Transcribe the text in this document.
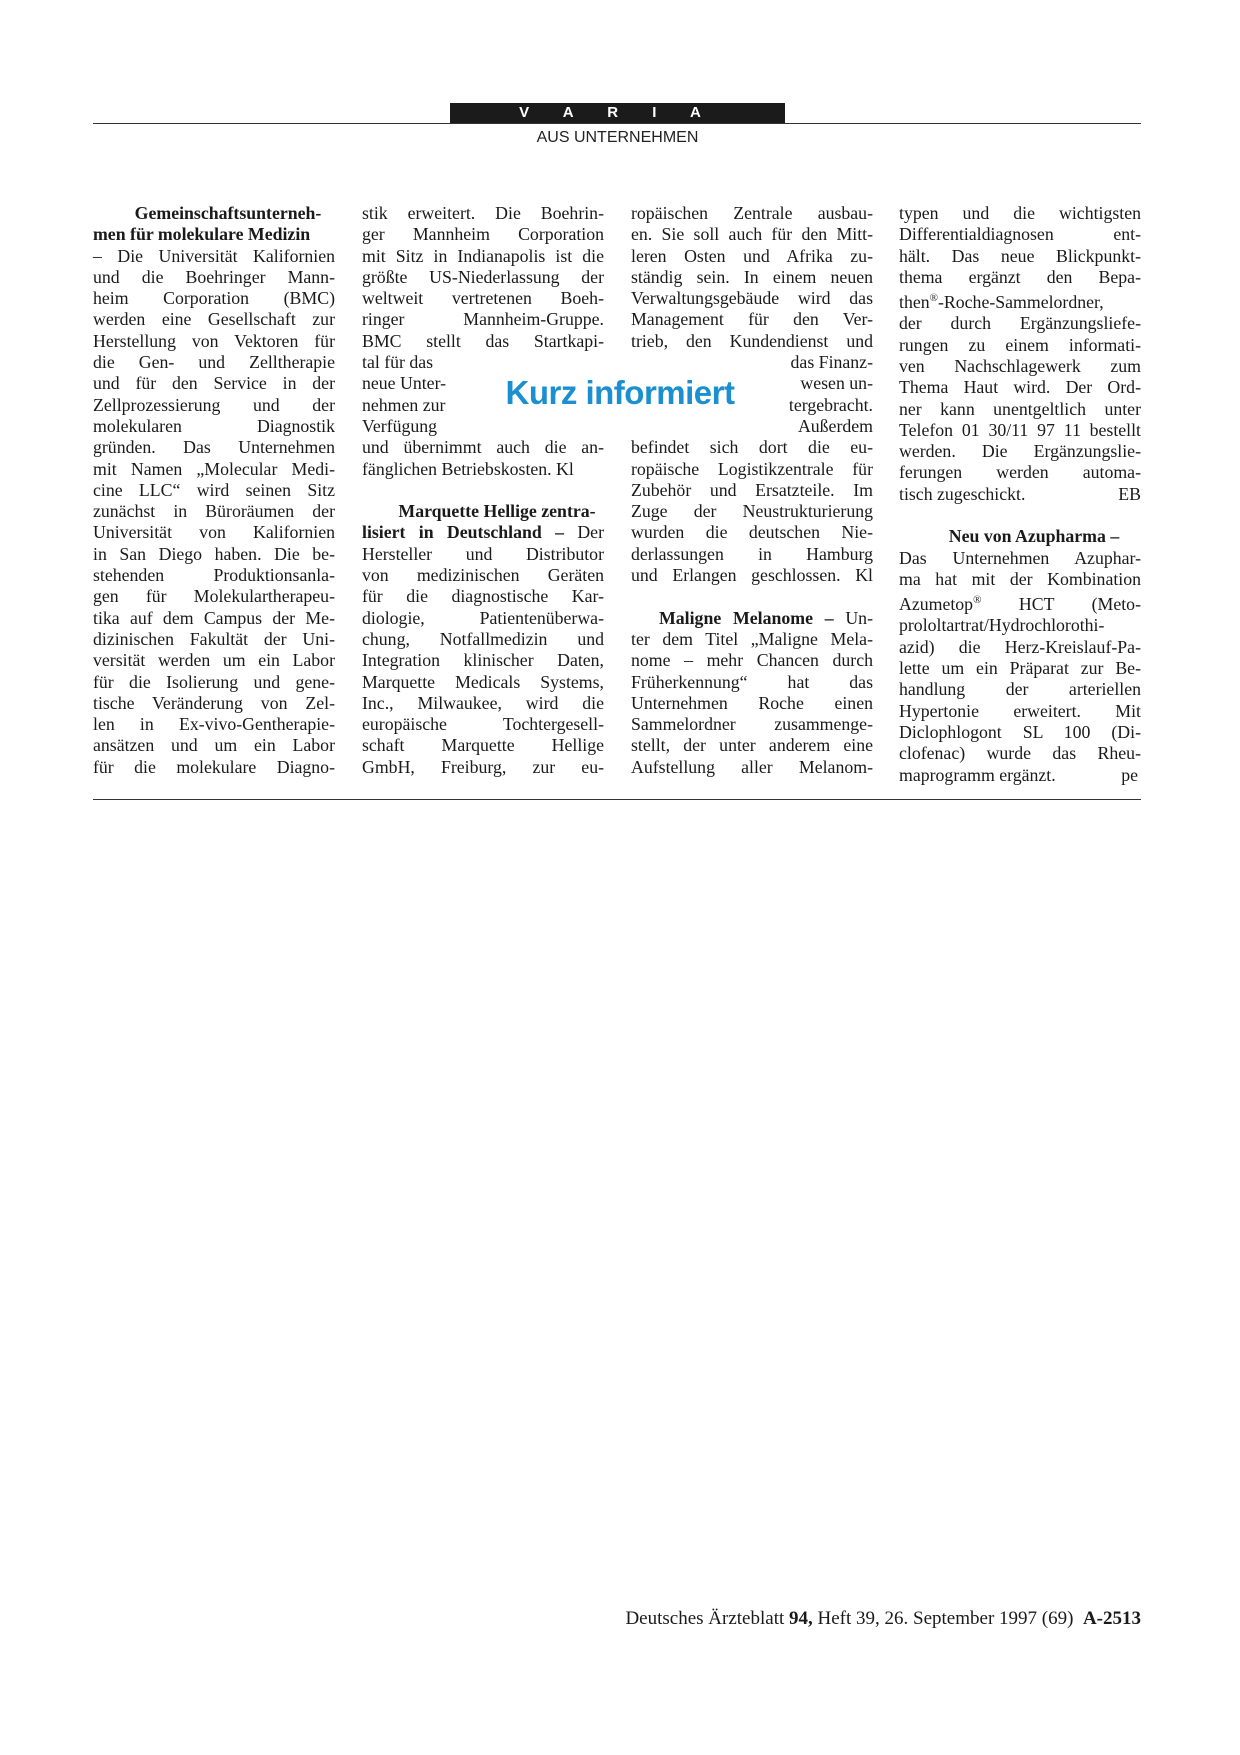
V A R I A
AUS UNTERNEHMEN
Gemeinschaftsunterneh-
men für molekulare Medizin
– Die Universität Kalifornien
und die Boehringer Mann-
heim Corporation (BMC)
werden eine Gesellschaft zur
Herstellung von Vektoren für
die Gen- und Zelltherapie
und für den Service in der
Zellprozessierung und der
molekularen Diagnostik
gründen. Das Unternehmen
mit Namen „Molecular Medi-
cine LLC“ wird seinen Sitz
zunächst in Büroräumen der
Universität von Kalifornien
in San Diego haben. Die be-
stehenden Produktionsanla-
gen für Molekulartherapeu-
tika auf dem Campus der Me-
dizinischen Fakultät der Uni-
versität werden um ein Labor
für die Isolierung und gene-
tische Veränderung von Zel-
len in Ex-vivo-Gentherapie-
ansätzen und um ein Labor
für die molekulare Diagno-
stik erweitert. Die Boehrin-
ger Mannheim Corporation
mit Sitz in Indianapolis ist die
größte US-Niederlassung der
weltweit vertretenen Boeh-
ringer Mannheim-Gruppe.
BMC stellt das Startkapi-
tal für das
neue Unter-
nehmen zur
Verfügung
und übernimmt auch die an-
fänglichen Betriebskosten. Kl
Marquette Hellige zentra-
lisiert in Deutschland – Der
Hersteller und Distributor
von medizinischen Geräten
für die diagnostische Kar-
diologie, Patientenüberwa-
chung, Notfallmedizin und
Integration klinischer Daten,
Marquette Medicals Systems,
Inc., Milwaukee, wird die
europäische Tochtergesell-
schaft Marquette Hellige
GmbH, Freiburg, zur eu-
Kurz informiert
ropäischen Zentrale ausbau-
en. Sie soll auch für den Mitt-
leren Osten und Afrika zu-
ständig sein. In einem neuen
Verwaltungsgebäude wird das
Management für den Ver-
trieb, den Kundendienst und
das Finanz-
wesen un-
tergebracht.
Außerdem
befindet sich dort die eu-
ropäische Logistikzentrale für
Zubehör und Ersatzteile. Im
Zuge der Neustrukturierung
wurden die deutschen Nie-
derlassungen in Hamburg
und Erlangen geschlossen. Kl
Maligne Melanome – Un-
ter dem Titel „Maligne Mela-
nome – mehr Chancen durch
Früherkennung“ hat das
Unternehmen Roche einen
Sammelordner zusammenge-
stellt, der unter anderem eine
Aufstellung aller Melanom-
typen und die wichtigsten
Differentialdiagnosen ent-
hält. Das neue Blickpunkt-
thema ergänzt den Bepa-
then®-Roche-Sammelordner,
der durch Ergänzungsliefe-
rungen zu einem informati-
ven Nachschlagewerk zum
Thema Haut wird. Der Ord-
ner kann unentgeltlich unter
Telefon 01 30/11 97 11 bestellt
werden. Die Ergänzungslie-
ferungen werden automa-
tisch zugeschickt.	EB
Neu von Azupharma –
Das Unternehmen Azuphar-
ma hat mit der Kombination
Azumetop® HCT (Meto-
prololtartrat/Hydrochlorothi-
azid) die Herz-Kreislauf-Pa-
lette um ein Präparat zur Be-
handlung der arteriellen
Hypertonie erweitert. Mit
Diclophlogont SL 100 (Di-
clofenac) wurde das Rheu-
maprogramm ergänzt.	pe
Deutsches Ärzteblatt 94, Heft 39, 26. September 1997 (69)  A-2513
